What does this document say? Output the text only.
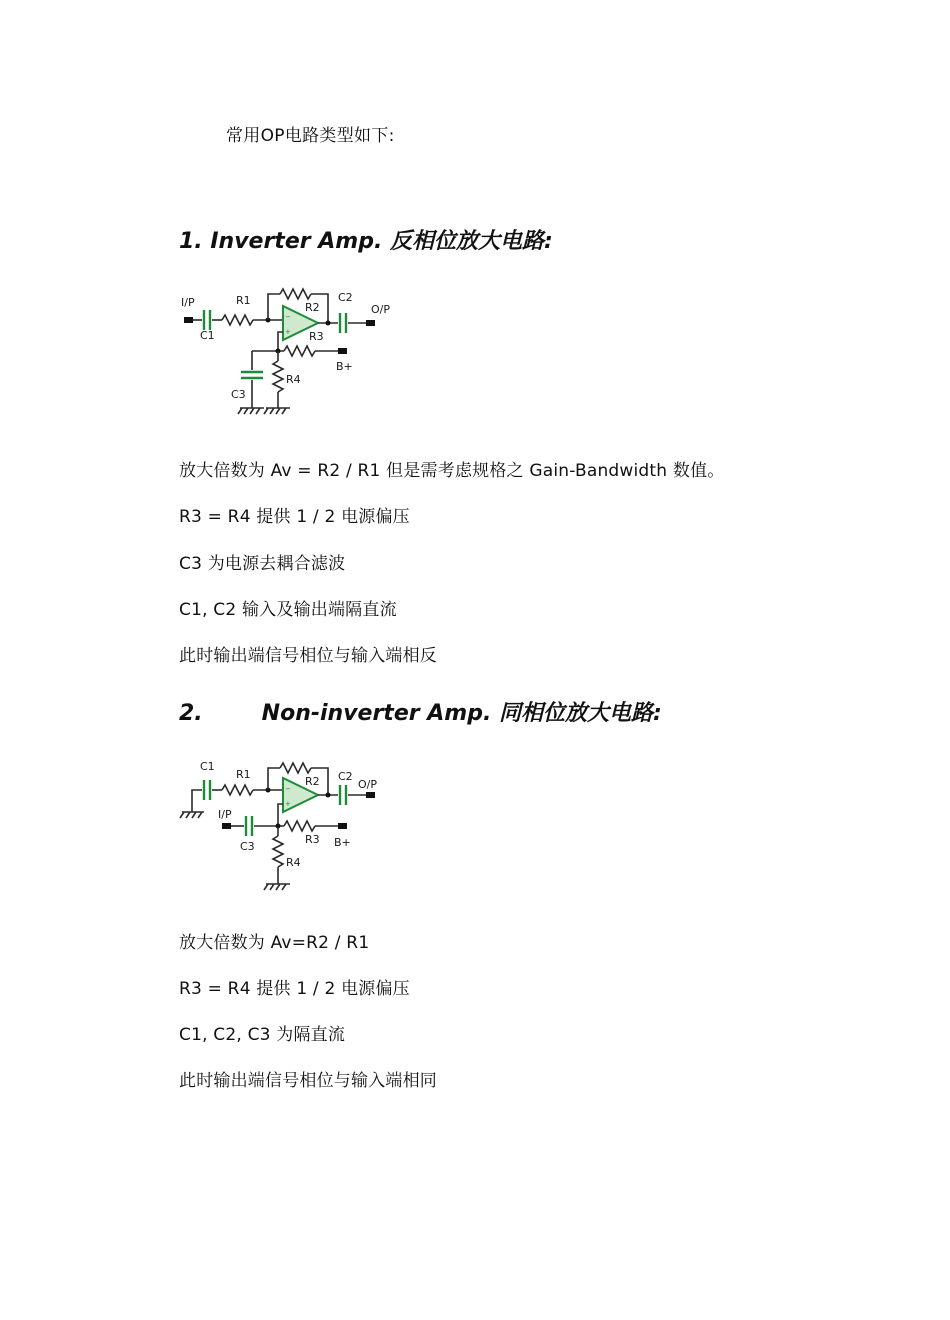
常用OP电路类型如下:
1. Inverter Amp. 反相位放大电路:
I/P
C1
R1
R2
−
+
C2
O/P
R3
B+
R4
C3
放大倍数为 Av = R2 / R1 但是需考虑规格之 Gain-Bandwidth 数值。
R3 = R4 提供 1 / 2 电源偏压
C3 为电源去耦合滤波
C1, C2 输入及输出端隔直流
此时输出端信号相位与输入端相反
2.	Non-inverter Amp. 同相位放大电路:
C1
R1
R2
−
+
C2
O/P
I/P
C3
R3 B+
R4
放大倍数为 Av=R2 / R1
R3 = R4 提供 1 / 2 电源偏压
C1, C2, C3 为隔直流
此时输出端信号相位与输入端相同
